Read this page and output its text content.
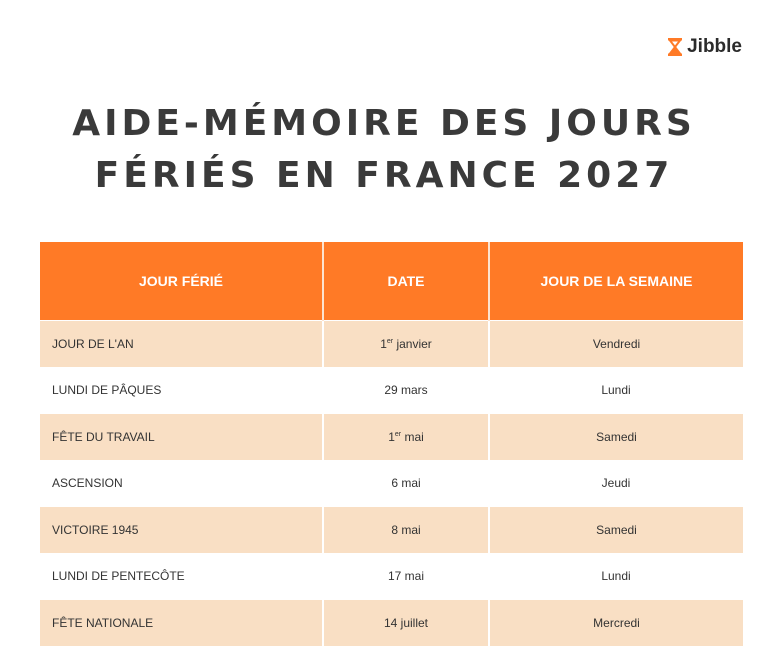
Jibble
AIDE-MÉMOIRE DES JOURS
FÉRIÉS EN FRANCE 2027
JOUR FÉRIÉ	DATE	JOUR DE LA SEMAINE
JOUR DE L'AN	1er janvier	Vendredi
LUNDI DE PÂQUES	29 mars	Lundi
FÊTE DU TRAVAIL	1er mai	Samedi
ASCENSION	6 mai	Jeudi
VICTOIRE 1945	8 mai	Samedi
LUNDI DE PENTECÔTE	17 mai	Lundi
FÊTE NATIONALE	14 juillet	Mercredi
